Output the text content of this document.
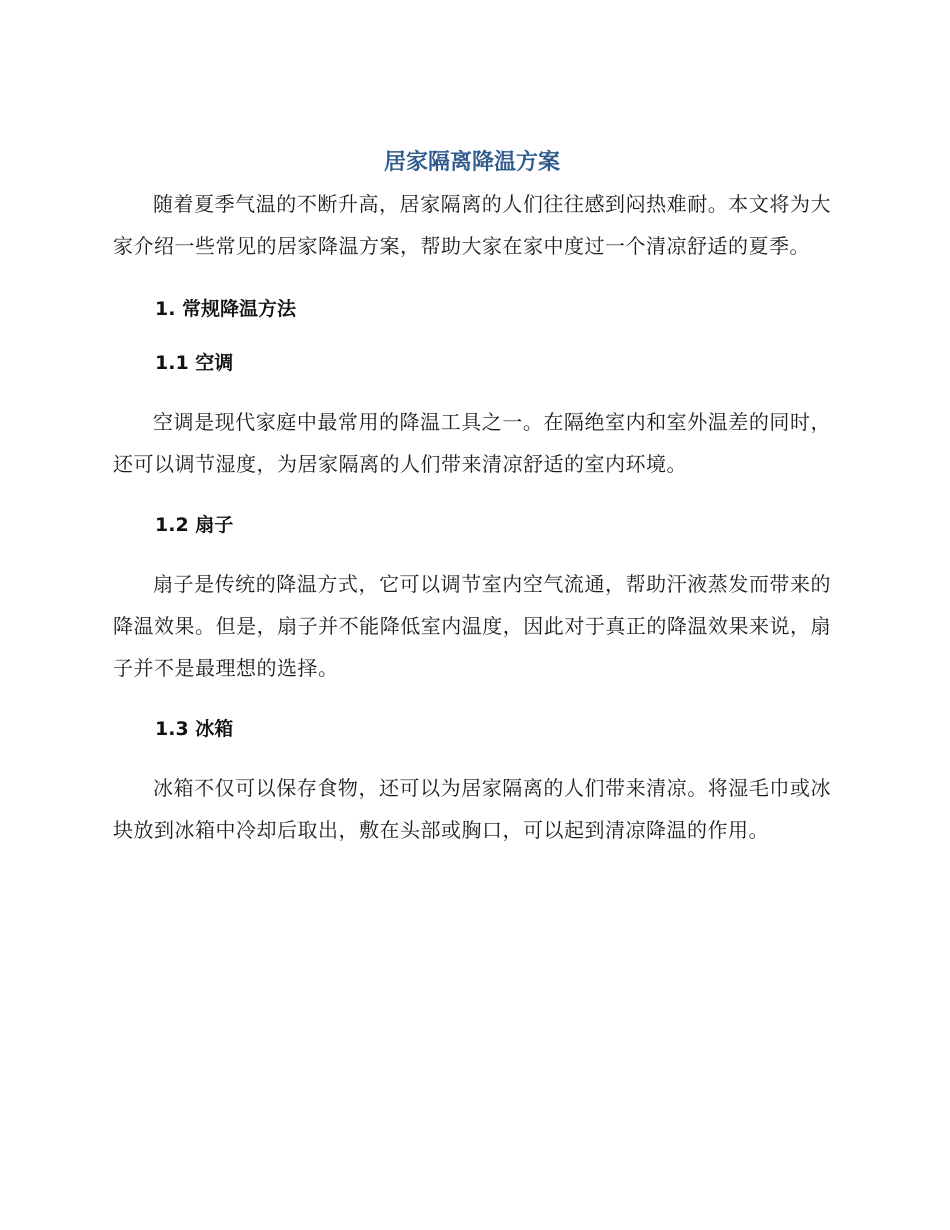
居家隔离降温方案

随着夏季气温的不断升高，居家隔离的人们往往感到闷热难耐。本文将为大家介绍一些常见的居家降温方案，帮助大家在家中度过一个清凉舒适的夏季。

1. 常规降温方法
1.1 空调

空调是现代家庭中最常用的降温工具之一。在隔绝室内和室外温差的同时，还可以调节湿度，为居家隔离的人们带来清凉舒适的室内环境。

1.2 扇子

扇子是传统的降温方式，它可以调节室内空气流通，帮助汗液蒸发而带来的降温效果。但是，扇子并不能降低室内温度，因此对于真正的降温效果来说，扇子并不是最理想的选择。

1.3 冰箱

冰箱不仅可以保存食物，还可以为居家隔离的人们带来清凉。将湿毛巾或冰块放到冰箱中冷却后取出，敷在头部或胸口，可以起到清凉降温的作用。
